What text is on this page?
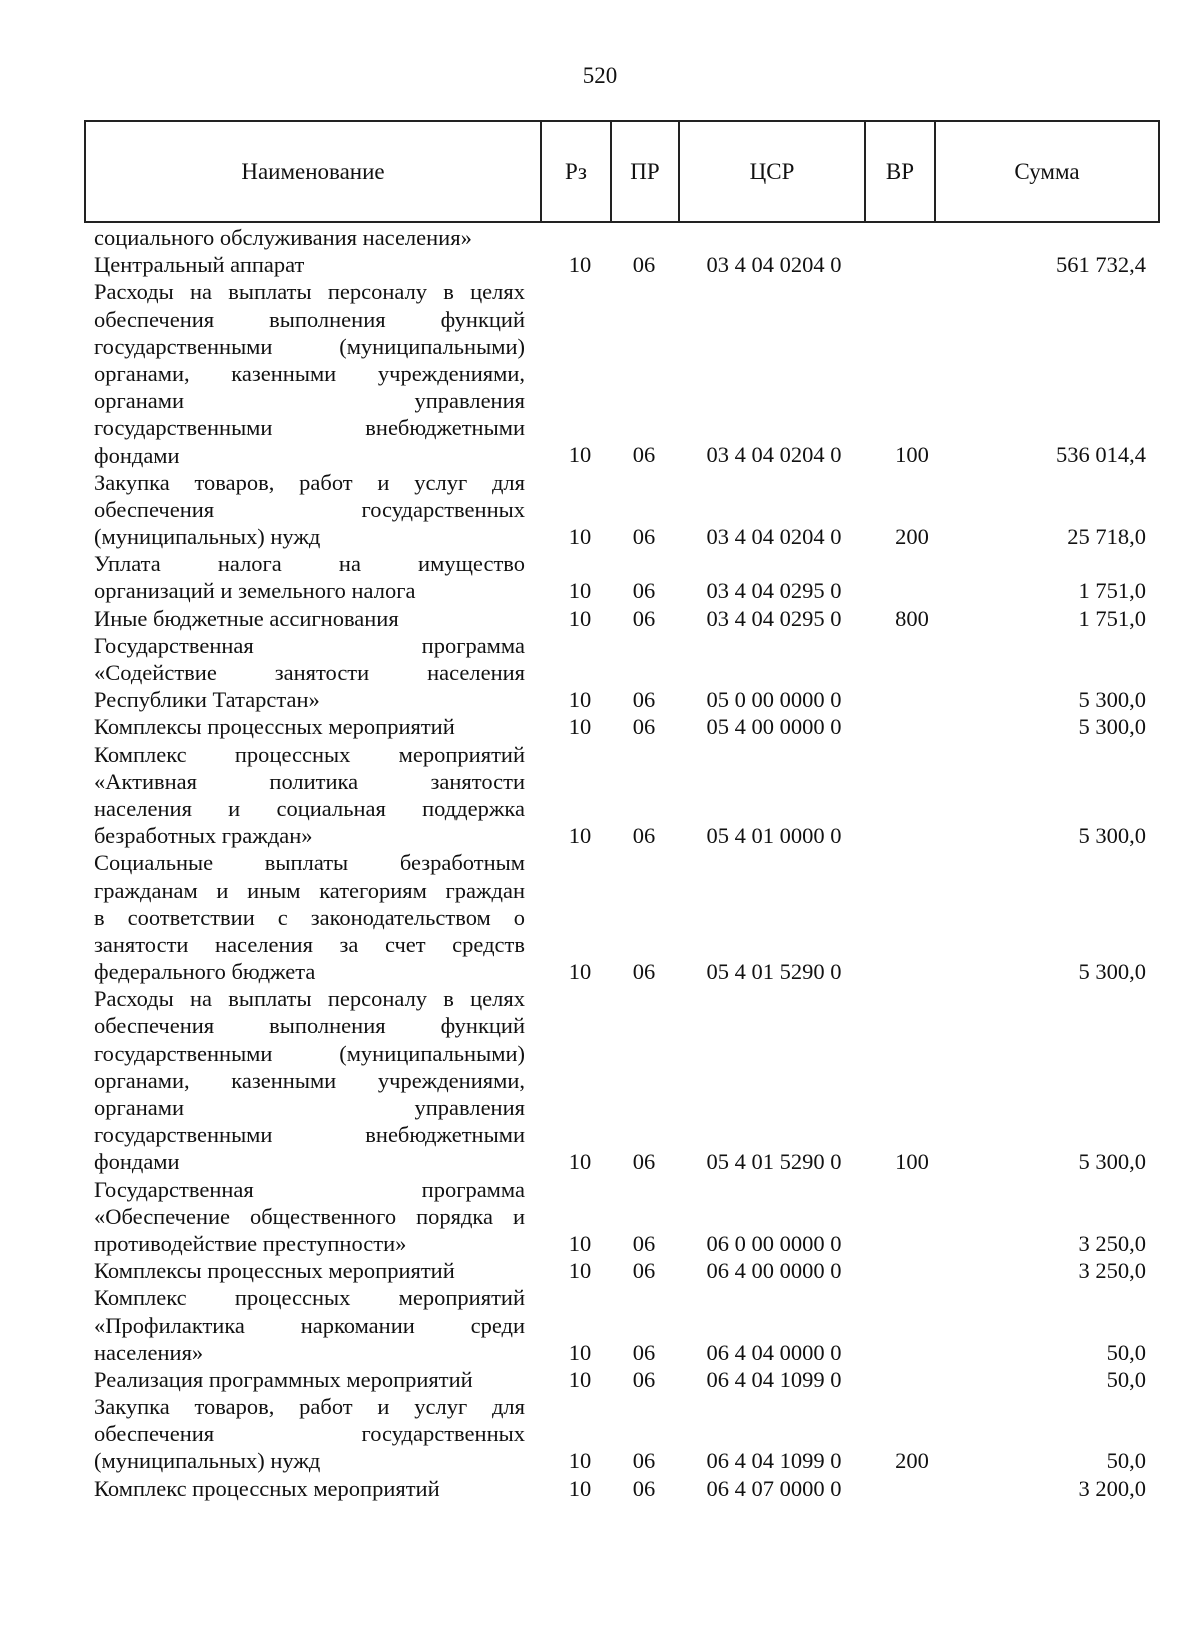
520
Наименование	Рз	ПР	ЦСР	ВР	Сумма
социального обслуживания населения»
Центральный аппарат	10	06	03 4 04 0204 0	561 732,4
Расходы на выплаты персоналу в целях
обеспечения выполнения функций
государственными (муниципальными)
органами, казенными учреждениями,
органами управления
государственными внебюджетными
фондами	10	06	03 4 04 0204 0	100	536 014,4
Закупка товаров, работ и услуг для
обеспечения государственных
(муниципальных) нужд	10	06	03 4 04 0204 0	200	25 718,0
Уплата налога на имущество
организаций и земельного налога	10	06	03 4 04 0295 0	1 751,0
Иные бюджетные ассигнования	10	06	03 4 04 0295 0	800	1 751,0
Государственная программа
«Содействие занятости населения
Республики Татарстан»	10	06	05 0 00 0000 0	5 300,0
Комплексы процессных мероприятий	10	06	05 4 00 0000 0	5 300,0
Комплекс процессных мероприятий
«Активная политика занятости
населения и социальная поддержка
безработных граждан»	10	06	05 4 01 0000 0	5 300,0
Социальные выплаты безработным
гражданам и иным категориям граждан
в соответствии с законодательством о
занятости населения за счет средств
федерального бюджета	10	06	05 4 01 5290 0	5 300,0
Расходы на выплаты персоналу в целях
обеспечения выполнения функций
государственными (муниципальными)
органами, казенными учреждениями,
органами управления
государственными внебюджетными
фондами	10	06	05 4 01 5290 0	100	5 300,0
Государственная программа
«Обеспечение общественного порядка и
противодействие преступности»	10	06	06 0 00 0000 0	3 250,0
Комплексы процессных мероприятий	10	06	06 4 00 0000 0	3 250,0
Комплекс процессных мероприятий
«Профилактика наркомании среди
населения»	10	06	06 4 04 0000 0	50,0
Реализация программных мероприятий	10	06	06 4 04 1099 0	50,0
Закупка товаров, работ и услуг для
обеспечения государственных
(муниципальных) нужд	10	06	06 4 04 1099 0	200	50,0
Комплекс процессных мероприятий	10	06	06 4 07 0000 0	3 200,0
